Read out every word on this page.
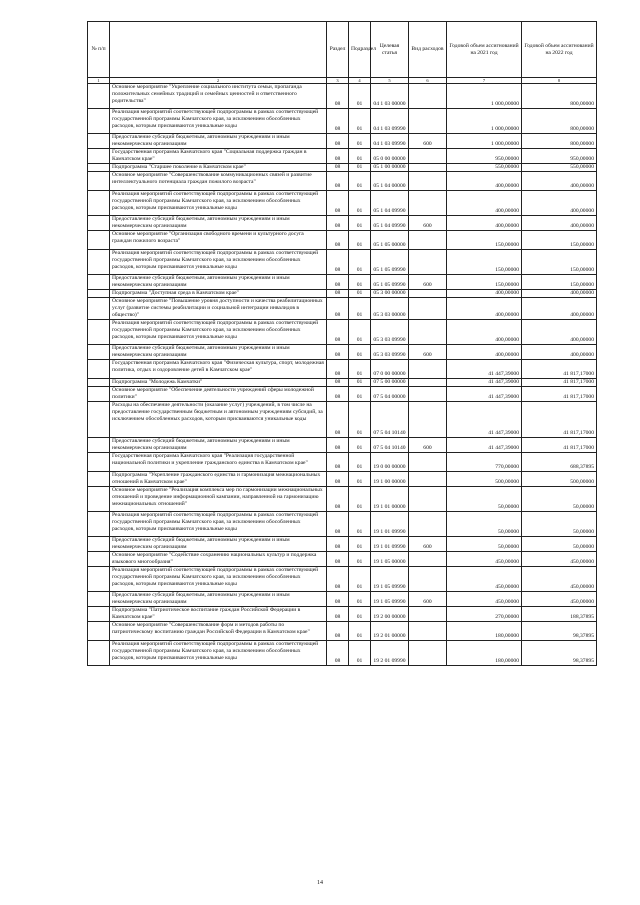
№ п/п		Раздел	Подраздел	Целевая статья	Вид расходов	Годовой объем ассигнований на 2021 год	Годовой объем ассигнований на 2022 год
1	2	3	4	5	6	7	8
	Основное мероприятие "Укрепление социального института семьи, пропаганда положительных семейных традиций и семейных ценностей и ответственного родительства"	08	01	04 1 03 00000		1 000,00000	800,00000
	Реализация мероприятий соответствующей подпрограммы в рамках соответствующей государственной программы Камчатского края, за исключением обособленных расходов, которым присваиваются уникальные коды	08	01	04 1 03 09990		1 000,00000	800,00000
	Предоставление субсидий бюджетным, автономным учреждениям и иным некоммерческим организациям	08	01	04 1 03 09990	600	1 000,00000	800,00000
	Государственная программа Камчатского края "Социальная поддержка граждан в Камчатском крае"	08	01	05 0 00 00000		950,00000	950,00000
	Подпрограмма "Старшее поколение в Камчатском крае"	08	01	05 1 00 00000		550,00000	550,00000
	Основное мероприятие "Совершенствование коммуникационных связей и развитие интеллектуального потенциала граждан пожилого возраста"	08	01	05 1 04 00000		400,00000	400,00000
	Реализация мероприятий соответствующей подпрограммы в рамках соответствующей государственной программы Камчатского края, за исключением обособленных расходов, которым присваиваются уникальные коды	08	01	05 1 04 09990		400,00000	400,00000
	Предоставление субсидий бюджетным, автономным учреждениям и иным некоммерческим организациям	08	01	05 1 04 09990	600	400,00000	400,00000
	Основное мероприятие "Организация свободного времени и культурного досуга граждан пожилого возраста"	08	01	05 1 05 00000		150,00000	150,00000
	Реализация мероприятий соответствующей подпрограммы в рамках соответствующей государственной программы Камчатского края, за исключением обособленных расходов, которым присваиваются уникальные коды	08	01	05 1 05 09990		150,00000	150,00000
	Предоставление субсидий бюджетным, автономным учреждениям и иным некоммерческим организациям	08	01	05 1 05 09990	600	150,00000	150,00000
	Подпрограмма "Доступная среда в Камчатском крае"	08	01	05 3 00 00000		400,00000	400,00000
	Основное мероприятие "Повышение уровня доступности и качества реабилитационных услуг (развитие системы реабилитации и социальной интеграции инвалидов в общество)"	08	01	05 3 03 00000		400,00000	400,00000
	Реализация мероприятий соответствующей подпрограммы в рамках соответствующей государственной программы Камчатского края, за исключением обособленных расходов, которым присваиваются уникальные коды	08	01	05 3 03 09990		400,00000	400,00000
	Предоставление субсидий бюджетным, автономным учреждениям и иным некоммерческим организациям	08	01	05 3 03 09990	600	400,00000	400,00000
	Государственная программа Камчатского края "Физическая культура, спорт, молодежная политика, отдых и оздоровление детей в Камчатском крае"	08	01	07 0 00 00000		41 447,39000	41 817,17000
	Подпрограмма "Молодежь Камчатки"	08	01	07 5 00 00000		41 447,39000	41 817,17000
	Основное мероприятие "Обеспечение деятельности учреждений сферы молодежной политики"	08	01	07 5 04 00000		41 447,39000	41 817,17000
	Расходы на обеспечение деятельности (оказание услуг) учреждений, в том числе на предоставление государственным бюджетным и автономным учреждениям субсидий, за исключением обособленных расходов, которым присваиваются уникальные коды	08	01	07 5 04 10140		41 447,39000	41 817,17000
	Предоставление субсидий бюджетным, автономным учреждениям и иным некоммерческим организациям	08	01	07 5 04 10140	600	41 447,39000	41 817,17000
	Государственная программа Камчатского края "Реализация государственной национальной политики и укрепление гражданского единства в Камчатском крае"	08	01	19 0 00 00000		770,00000	688,37895
	Подпрограмма "Укрепление гражданского единства и гармонизация межнациональных отношений в Камчатском крае"	08	01	19 1 00 00000		500,00000	500,00000
	Основное мероприятие "Реализация комплекса мер по гармонизации межнациональных отношений и проведение информационной кампании, направленной на гармонизацию межнациональных отношений"	08	01	19 1 01 00000		50,00000	50,00000
	Реализация мероприятий соответствующей подпрограммы в рамках соответствующей государственной программы Камчатского края, за исключением обособленных расходов, которым присваиваются уникальные коды	08	01	19 1 01 09990		50,00000	50,00000
	Предоставление субсидий бюджетным, автономным учреждениям и иным некоммерческим организациям	08	01	19 1 01 09990	600	50,00000	50,00000
	Основное мероприятие "Содействие сохранению национальных культур и поддержка языкового многообразия"	08	01	19 1 05 00000		450,00000	450,00000
	Реализация мероприятий соответствующей подпрограммы в рамках соответствующей государственной программы Камчатского края, за исключением обособленных расходов, которым присваиваются уникальные коды	08	01	19 1 05 09990		450,00000	450,00000
	Предоставление субсидий бюджетным, автономным учреждениям и иным некоммерческим организациям	08	01	19 1 05 09990	600	450,00000	450,00000
	Подпрограмма "Патриотическое воспитание граждан Российской Федерации в Камчатском крае"	08	01	19 2 00 00000		270,00000	188,37895
	Основное мероприятие "Совершенствование форм и методов работы по патриотическому воспитанию граждан Российской Федерации в Камчатском крае"	08	01	19 2 01 00000		180,00000	98,37895
	Реализация мероприятий соответствующей подпрограммы в рамках соответствующей государственной программы Камчатского края, за исключением обособленных расходов, которым присваиваются уникальные коды	08	01	19 2 01 09990		180,00000	98,37895
14
